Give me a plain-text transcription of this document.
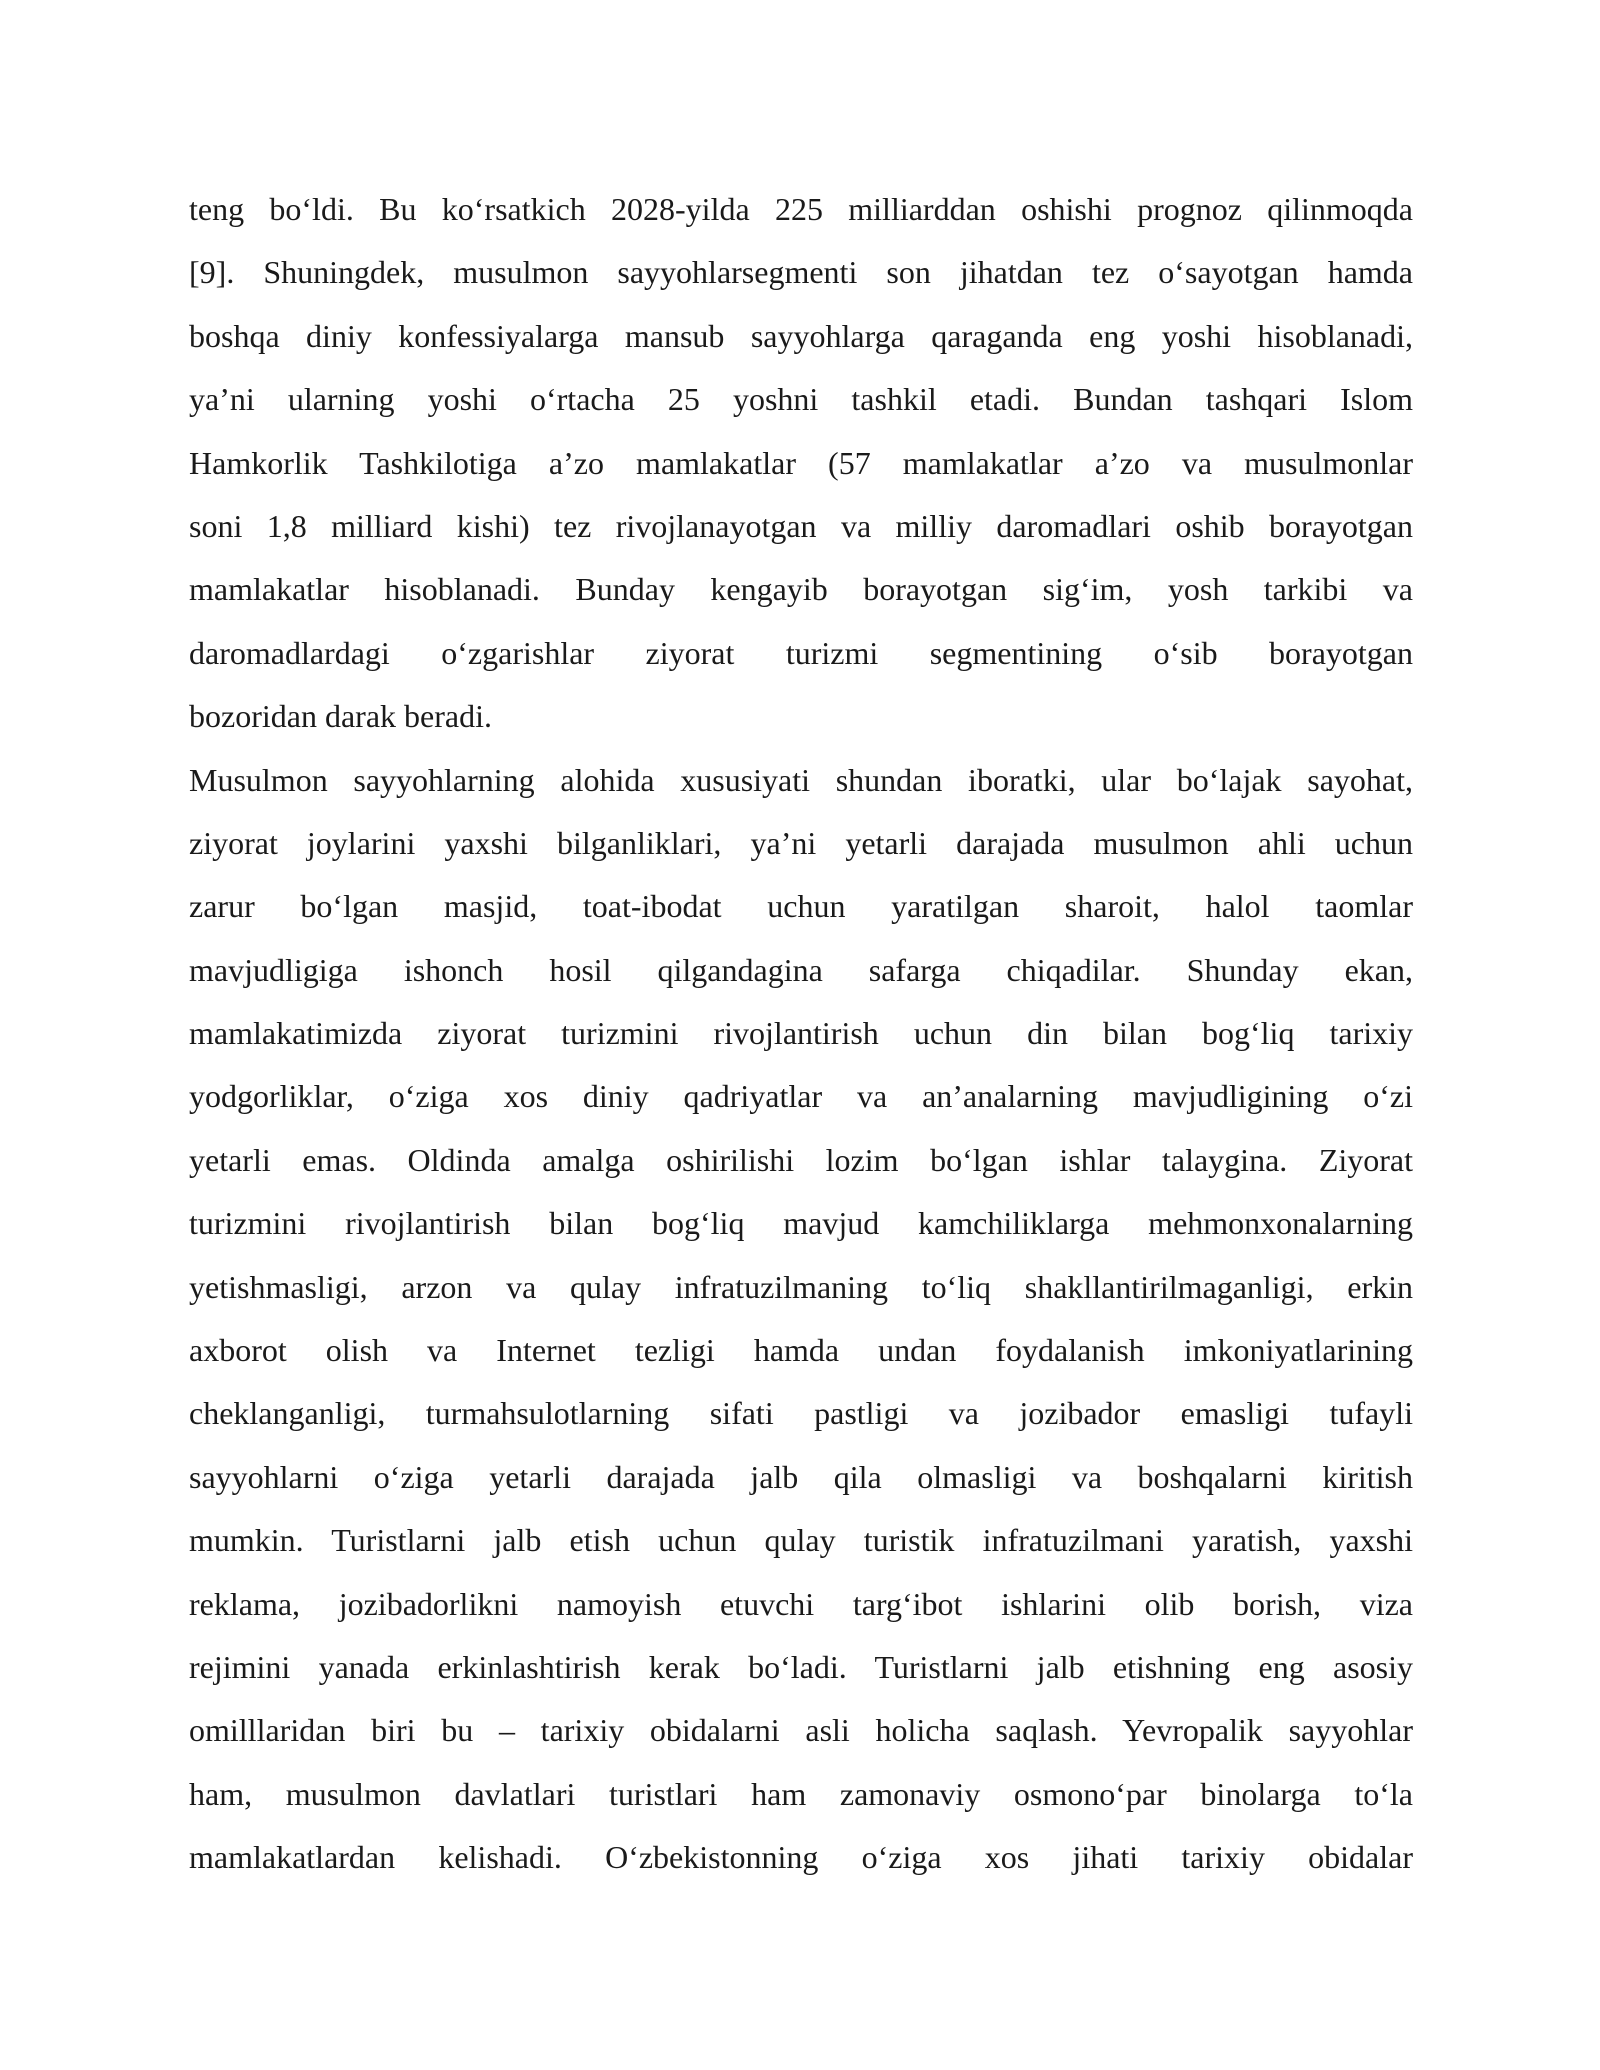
teng bo‘ldi. Bu ko‘rsatkich 2028-yilda 225 milliarddan oshishi prognoz qilinmoqda
[9]. Shuningdek, musulmon sayyohlarsegmenti son jihatdan tez o‘sayotgan hamda
boshqa diniy konfessiyalarga mansub sayyohlarga qaraganda eng yoshi hisoblanadi,
ya’ni ularning yoshi o‘rtacha 25 yoshni tashkil etadi. Bundan tashqari Islom
Hamkorlik Tashkilotiga a’zo mamlakatlar (57 mamlakatlar a’zo va musulmonlar
soni 1,8 milliard kishi) tez rivojlanayotgan va milliy daromadlari oshib borayotgan
mamlakatlar hisoblanadi. Bunday kengayib borayotgan sig‘im, yosh tarkibi va
daromadlardagi o‘zgarishlar ziyorat turizmi segmentining o‘sib borayotgan
bozoridan darak beradi.
Musulmon sayyohlarning alohida xususiyati shundan iboratki, ular bo‘lajak sayohat,
ziyorat joylarini yaxshi bilganliklari, ya’ni yetarli darajada musulmon ahli uchun
zarur bo‘lgan masjid, toat-ibodat uchun yaratilgan sharoit, halol taomlar
mavjudligiga ishonch hosil qilgandagina safarga chiqadilar. Shunday ekan,
mamlakatimizda ziyorat turizmini rivojlantirish uchun din bilan bog‘liq tarixiy
yodgorliklar, o‘ziga xos diniy qadriyatlar va an’analarning mavjudligining o‘zi
yetarli emas. Oldinda amalga oshirilishi lozim bo‘lgan ishlar talaygina. Ziyorat
turizmini rivojlantirish bilan bog‘liq mavjud kamchiliklarga mehmonxonalarning
yetishmasligi, arzon va qulay infratuzilmaning to‘liq shakllantirilmaganligi, erkin
axborot olish va Internet tezligi hamda undan foydalanish imkoniyatlarining
cheklanganligi, turmahsulotlarning sifati pastligi va jozibador emasligi tufayli
sayyohlarni o‘ziga yetarli darajada jalb qila olmasligi va boshqalarni kiritish
mumkin. Turistlarni jalb etish uchun qulay turistik infratuzilmani yaratish, yaxshi
reklama, jozibadorlikni namoyish etuvchi targ‘ibot ishlarini olib borish, viza
rejimini yanada erkinlashtirish kerak bo‘ladi. Turistlarni jalb etishning eng asosiy
omilllaridan biri bu – tarixiy obidalarni asli holicha saqlash. Yevropalik sayyohlar
ham, musulmon davlatlari turistlari ham zamonaviy osmono‘par binolarga to‘la
mamlakatlardan kelishadi. O‘zbekistonning o‘ziga xos jihati tarixiy obidalar
